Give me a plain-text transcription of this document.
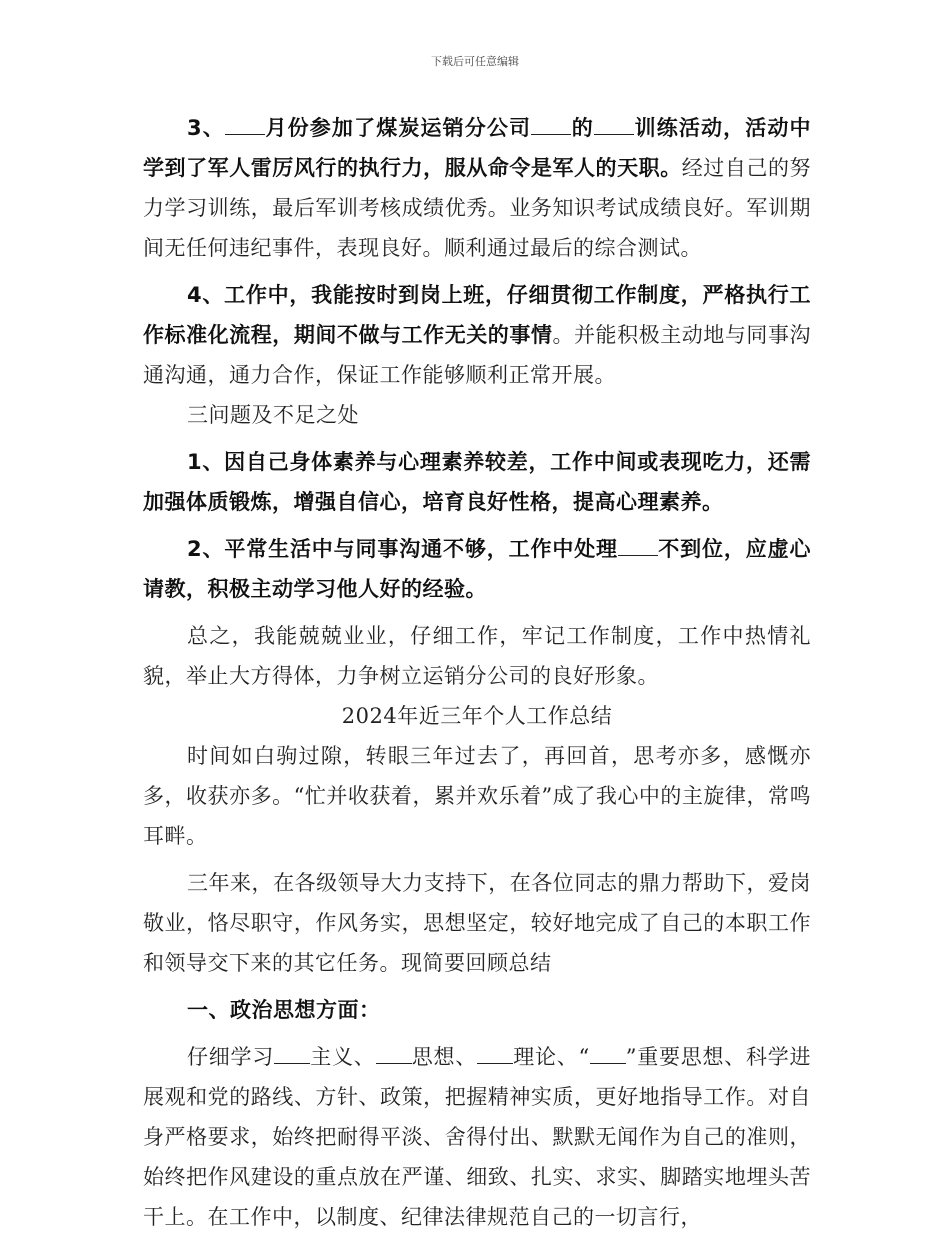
下载后可任意编辑

3、 月份参加了煤炭运销分公司 的 训练活动，活动中学到了军人雷厉风行的执行力，服从命令是军人的天职。经过自己的努力学习训练，最后军训考核成绩优秀。业务知识考试成绩良好。军训期间无任何违纪事件，表现良好。顺利通过最后的综合测试。

4、工作中，我能按时到岗上班，仔细贯彻工作制度，严格执行工作标准化流程，期间不做与工作无关的事情。并能积极主动地与同事沟通沟通，通力合作，保证工作能够顺利正常开展。

三问题及不足之处

1、因自己身体素养与心理素养较差，工作中间或表现吃力，还需加强体质锻炼，增强自信心，培育良好性格，提高心理素养。

2、平常生活中与同事沟通不够，工作中处理 不到位，应虚心请教，积极主动学习他人好的经验。

总之，我能兢兢业业，仔细工作，牢记工作制度，工作中热情礼貌，举止大方得体，力争树立运销分公司的良好形象。

2024年近三年个人工作总结

时间如白驹过隙，转眼三年过去了，再回首，思考亦多，感慨亦多，收获亦多。“忙并收获着，累并欢乐着”成了我心中的主旋律，常鸣耳畔。

三年来，在各级领导大力支持下，在各位同志的鼎力帮助下，爱岗敬业，恪尽职守，作风务实，思想坚定，较好地完成了自己的本职工作和领导交下来的其它任务。现简要回顾总结

一、政治思想方面：

仔细学习 主义、 思想、 理论、“ ”重要思想、科学进展观和党的路线、方针、政策，把握精神实质，更好地指导工作。对自身严格要求，始终把耐得平淡、舍得付出、默默无闻作为自己的准则，始终把作风建设的重点放在严谨、细致、扎实、求实、脚踏实地埋头苦干上。在工作中，以制度、纪律法律规范自己的一切言行，
